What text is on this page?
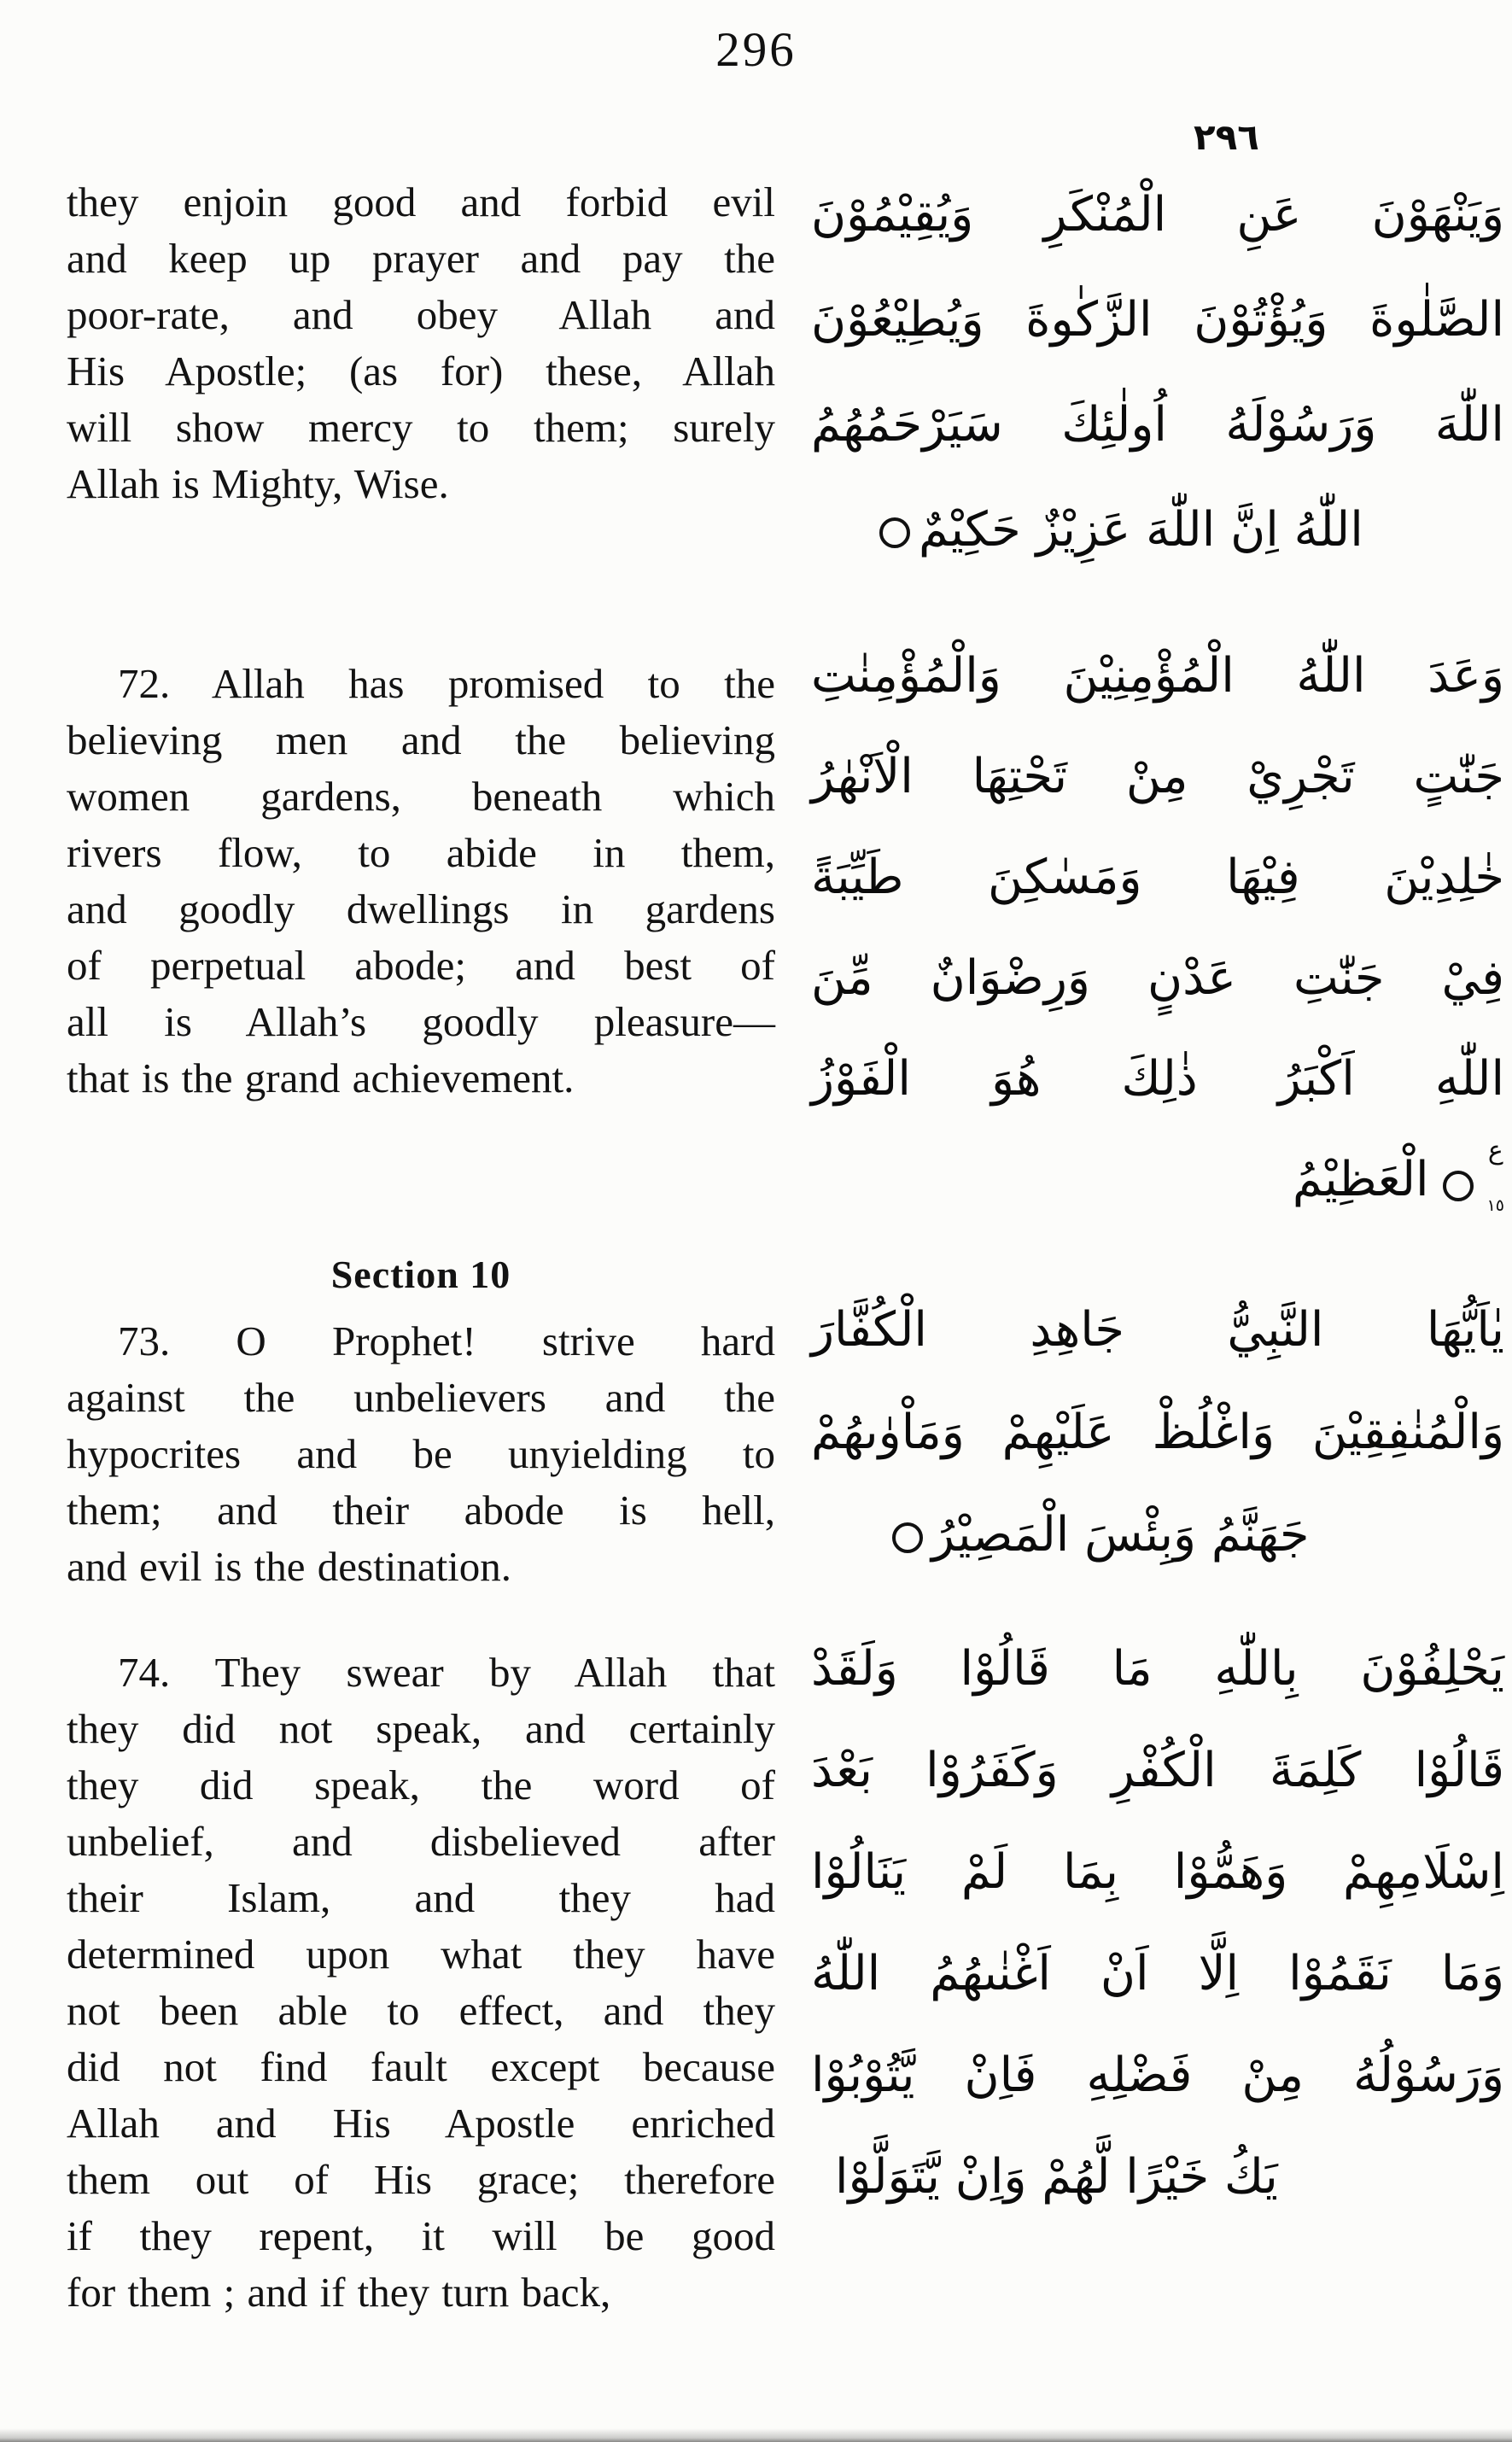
296
٢٩٦
they enjoin good and forbid evil
and keep up prayer and pay the
poor-rate, and obey Allah and
His Apostle; (as for) these, Allah
will show mercy to them; surely
Allah is Mighty, Wise.
72. Allah has promised to the
believing men and the believing
women gardens, beneath which
rivers flow, to abide in them,
and goodly dwellings in gardens
of perpetual abode; and best of
all is Allah’s goodly pleasure—
that is the grand achievement.
Section 10
73. O Prophet! strive hard
against the unbelievers and the
hypocrites and be unyielding to
them; and their abode is hell,
and evil is the destination.
74. They swear by Allah that
they did not speak, and certainly
they did speak, the word of
unbelief, and disbelieved after
their Islam, and they had
determined upon what they have
not been able to effect, and they
did not find fault except because
Allah and His Apostle enriched
them out of His grace; therefore
if they repent, it will be good
for them ; and if they turn back,
وَيَنْهَوْنَ عَنِ الْمُنْكَرِ وَيُقِيْمُوْنَ
الصَّلٰوةَ وَيُؤْتُوْنَ الزَّكٰوةَ وَيُطِيْعُوْنَ
اللّٰهَ وَرَسُوْلَهُ اُولٰئِكَ سَيَرْحَمُهُمُ
اللّٰهُ اِنَّ اللّٰهَ عَزِيْزٌ حَكِيْمٌ
وَعَدَ اللّٰهُ الْمُؤْمِنِيْنَ وَالْمُؤْمِنٰتِ
جَنّٰتٍ تَجْرِيْ مِنْ تَحْتِهَا الْاَنْهٰرُ
خٰلِدِيْنَ فِيْهَا وَمَسٰكِنَ طَيِّبَةً
فِيْ جَنّٰتِ عَدْنٍ وَرِضْوَانٌ مِّنَ
اللّٰهِ اَكْبَرُ ذٰلِكَ هُوَ الْفَوْزُ
ع
١٥
الْعَظِيْمُ
يٰاَيُّهَا النَّبِيُّ جَاهِدِ الْكُفَّارَ
وَالْمُنٰفِقِيْنَ وَاغْلُظْ عَلَيْهِمْ وَمَاْوٰىهُمْ
جَهَنَّمُ وَبِئْسَ الْمَصِيْرُ
يَحْلِفُوْنَ بِاللّٰهِ مَا قَالُوْا وَلَقَدْ
قَالُوْا كَلِمَةَ الْكُفْرِ وَكَفَرُوْا بَعْدَ
اِسْلَامِهِمْ وَهَمُّوْا بِمَا لَمْ يَنَالُوْا
وَمَا نَقَمُوْا اِلَّا اَنْ اَغْنٰىهُمُ اللّٰهُ
وَرَسُوْلُهُ مِنْ فَضْلِهِ فَاِنْ يَّتُوْبُوْا
يَكُ خَيْرًا لَّهُمْ وَاِنْ يَّتَوَلَّوْا
